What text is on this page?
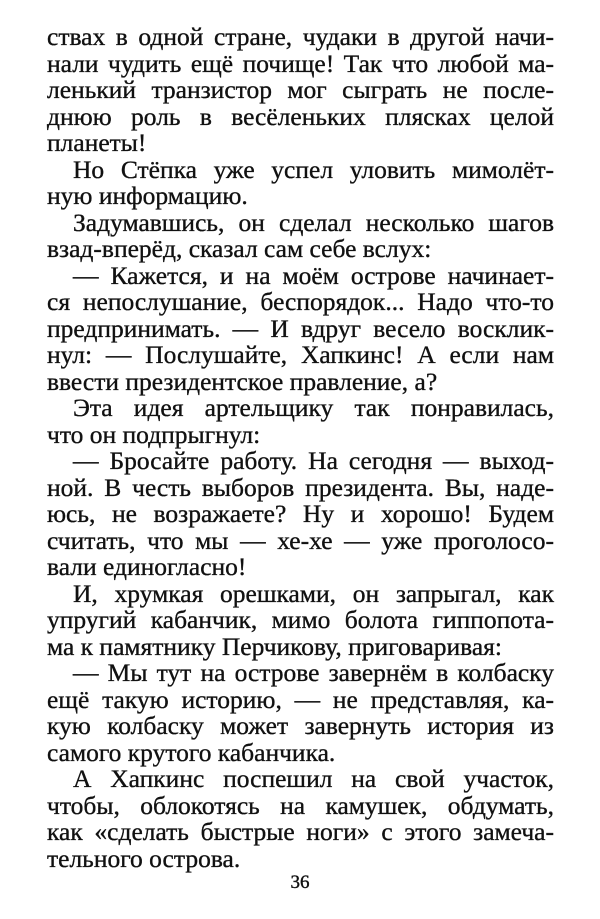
ствах в одной стране, чудаки в другой начи-
нали чудить ещё почище! Так что любой ма-
ленький транзистор мог сыграть не после-
днюю роль в весёленьких плясках целой
планеты!
Но Стёпка уже успел уловить мимолёт-
ную информацию.
Задумавшись, он сделал несколько шагов
взад-вперёд, сказал сам себе вслух:
— Кажется, и на моём острове начинает-
ся непослушание, беспорядок... Надо что-то
предпринимать. — И вдруг весело восклик-
нул: — Послушайте, Хапкинс! А если нам
ввести президентское правление, а?
Эта идея артельщику так понравилась,
что он подпрыгнул:
— Бросайте работу. На сегодня — выход-
ной. В честь выборов президента. Вы, наде-
юсь, не возражаете? Ну и хорошо! Будем
считать, что мы — хе-хе — уже проголосо-
вали единогласно!
И, хрумкая орешками, он запрыгал, как
упругий кабанчик, мимо болота гиппопота-
ма к памятнику Перчикову, приговаривая:
— Мы тут на острове завернём в колбаску
ещё такую историю, — не представляя, ка-
кую колбаску может завернуть история из
самого крутого кабанчика.
А Хапкинс поспешил на свой участок,
чтобы, облокотясь на камушек, обдумать,
как «сделать быстрые ноги» с этого замеча-
тельного острова.
36
